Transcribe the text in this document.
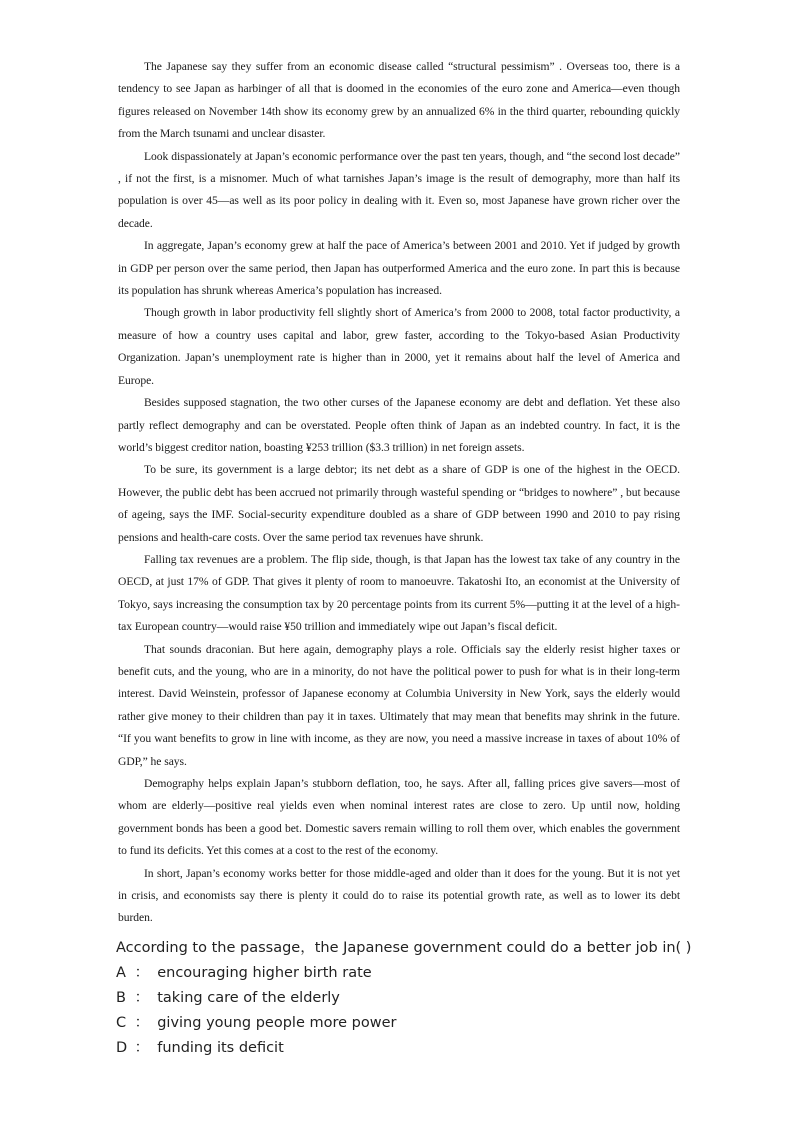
The Japanese say they suffer from an economic disease called “structural pessimism” . Overseas too, there is a tendency to see Japan as harbinger of all that is doomed in the economies of the euro zone and America—even though figures released on November 14th show its economy grew by an annualized 6% in the third quarter, rebounding quickly from the March tsunami and unclear disaster.

Look dispassionately at Japan’s economic performance over the past ten years, though, and “the second lost decade” , if not the first, is a misnomer. Much of what tarnishes Japan’s image is the result of demography, more than half its population is over 45—as well as its poor policy in dealing with it. Even so, most Japanese have grown richer over the decade.

In aggregate, Japan’s economy grew at half the pace of America’s between 2001 and 2010. Yet if judged by growth in GDP per person over the same period, then Japan has outperformed America and the euro zone. In part this is because its population has shrunk whereas America’s population has increased.

Though growth in labor productivity fell slightly short of America’s from 2000 to 2008, total factor productivity, a measure of how a country uses capital and labor, grew faster, according to the Tokyo-based Asian Productivity Organization. Japan’s unemployment rate is higher than in 2000, yet it remains about half the level of America and Europe.

Besides supposed stagnation, the two other curses of the Japanese economy are debt and deflation. Yet these also partly reflect demography and can be overstated. People often think of Japan as an indebted country. In fact, it is the world’s biggest creditor nation, boasting ¥253 trillion ($3.3 trillion) in net foreign assets.

To be sure, its government is a large debtor; its net debt as a share of GDP is one of the highest in the OECD. However, the public debt has been accrued not primarily through wasteful spending or “bridges to nowhere” , but because of ageing, says the IMF. Social-security expenditure doubled as a share of GDP between 1990 and 2010 to pay rising pensions and health-care costs. Over the same period tax revenues have shrunk.

Falling tax revenues are a problem. The flip side, though, is that Japan has the lowest tax take of any country in the OECD, at just 17% of GDP. That gives it plenty of room to manoeuvre. Takatoshi Ito, an economist at the University of Tokyo, says increasing the consumption tax by 20 percentage points from its current 5%—putting it at the level of a high-tax European country—would raise ¥50 trillion and immediately wipe out Japan’s fiscal deficit.

That sounds draconian. But here again, demography plays a role. Officials say the elderly resist higher taxes or benefit cuts, and the young, who are in a minority, do not have the political power to push for what is in their long-term interest. David Weinstein, professor of Japanese economy at Columbia University in New York, says the elderly would rather give money to their children than pay it in taxes. Ultimately that may mean that benefits may shrink in the future. “If you want benefits to grow in line with income, as they are now, you need a massive increase in taxes of about 10% of GDP,” he says.

Demography helps explain Japan’s stubborn deflation, too, he says. After all, falling prices give savers—most of whom are elderly—positive real yields even when nominal interest rates are close to zero. Up until now, holding government bonds has been a good bet. Domestic savers remain willing to roll them over, which enables the government to fund its deficits. Yet this comes at a cost to the rest of the economy.

In short, Japan’s economy works better for those middle-aged and older than it does for the young. But it is not yet in crisis, and economists say there is plenty it could do to raise its potential growth rate, as well as to lower its debt burden.

According to the passage，the Japanese government could do a better job in( )
A ： encouraging higher birth rate
B ： taking care of the elderly
C ： giving young people more power
D ： funding its deficit
